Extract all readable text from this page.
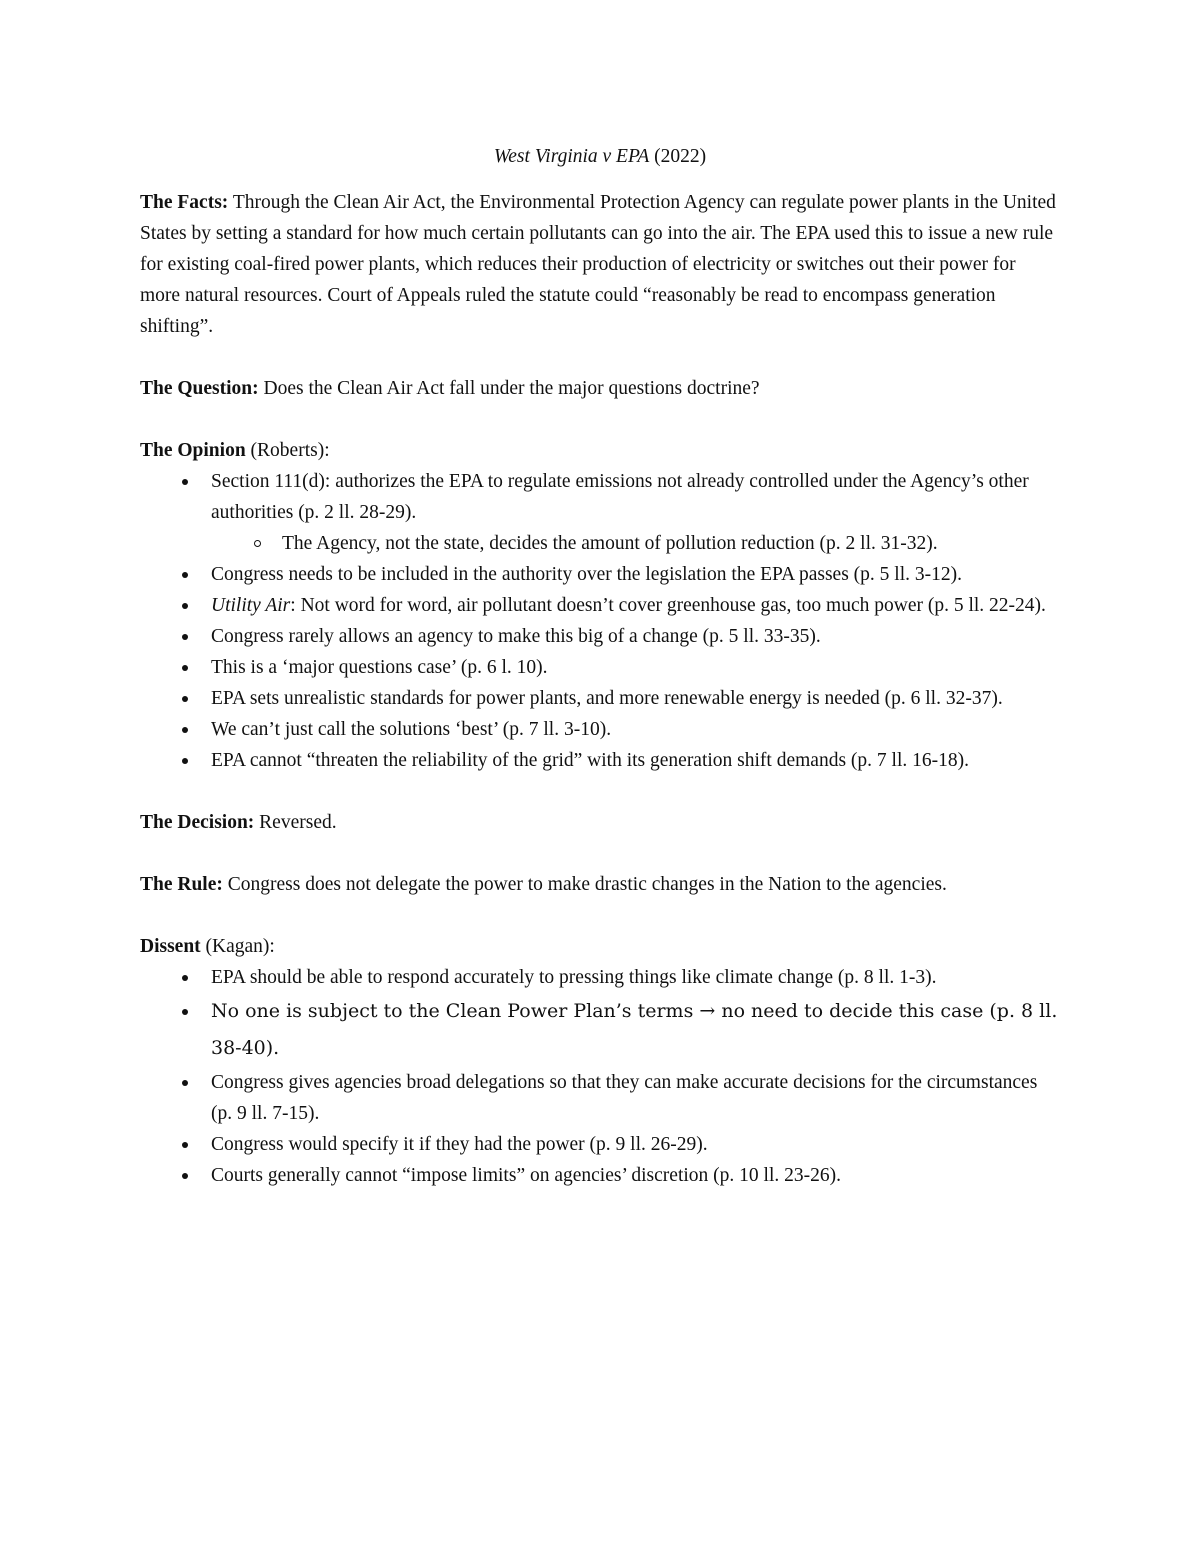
West Virginia v EPA (2022)

The Facts: Through the Clean Air Act, the Environmental Protection Agency can regulate power plants in the United States by setting a standard for how much certain pollutants can go into the air. The EPA used this to issue a new rule for existing coal-fired power plants, which reduces their production of electricity or switches out their power for more natural resources. Court of Appeals ruled the statute could “reasonably be read to encompass generation shifting”.

The Question: Does the Clean Air Act fall under the major questions doctrine?

The Opinion (Roberts):

Section 111(d): authorizes the EPA to regulate emissions not already controlled under the Agency’s other authorities (p. 2 ll. 28-29).
The Agency, not the state, decides the amount of pollution reduction (p. 2 ll. 31-32).
Congress needs to be included in the authority over the legislation the EPA passes (p. 5 ll. 3-12).
Utility Air: Not word for word, air pollutant doesn’t cover greenhouse gas, too much power (p. 5 ll. 22-24).
Congress rarely allows an agency to make this big of a change (p. 5 ll. 33-35).
This is a ‘major questions case’ (p. 6 l. 10).
EPA sets unrealistic standards for power plants, and more renewable energy is needed (p. 6 ll. 32-37).
We can’t just call the solutions ‘best’ (p. 7 ll. 3-10).
EPA cannot “threaten the reliability of the grid” with its generation shift demands (p. 7 ll. 16-18).

The Decision: Reversed.

The Rule: Congress does not delegate the power to make drastic changes in the Nation to the agencies.

Dissent (Kagan):

EPA should be able to respond accurately to pressing things like climate change (p. 8 ll. 1-3).
No one is subject to the Clean Power Plan’s terms → no need to decide this case (p. 8 ll. 38-40).
Congress gives agencies broad delegations so that they can make accurate decisions for the circumstances (p. 9 ll. 7-15).
Congress would specify it if they had the power (p. 9 ll. 26-29).
Courts generally cannot “impose limits” on agencies’ discretion (p. 10 ll. 23-26).
